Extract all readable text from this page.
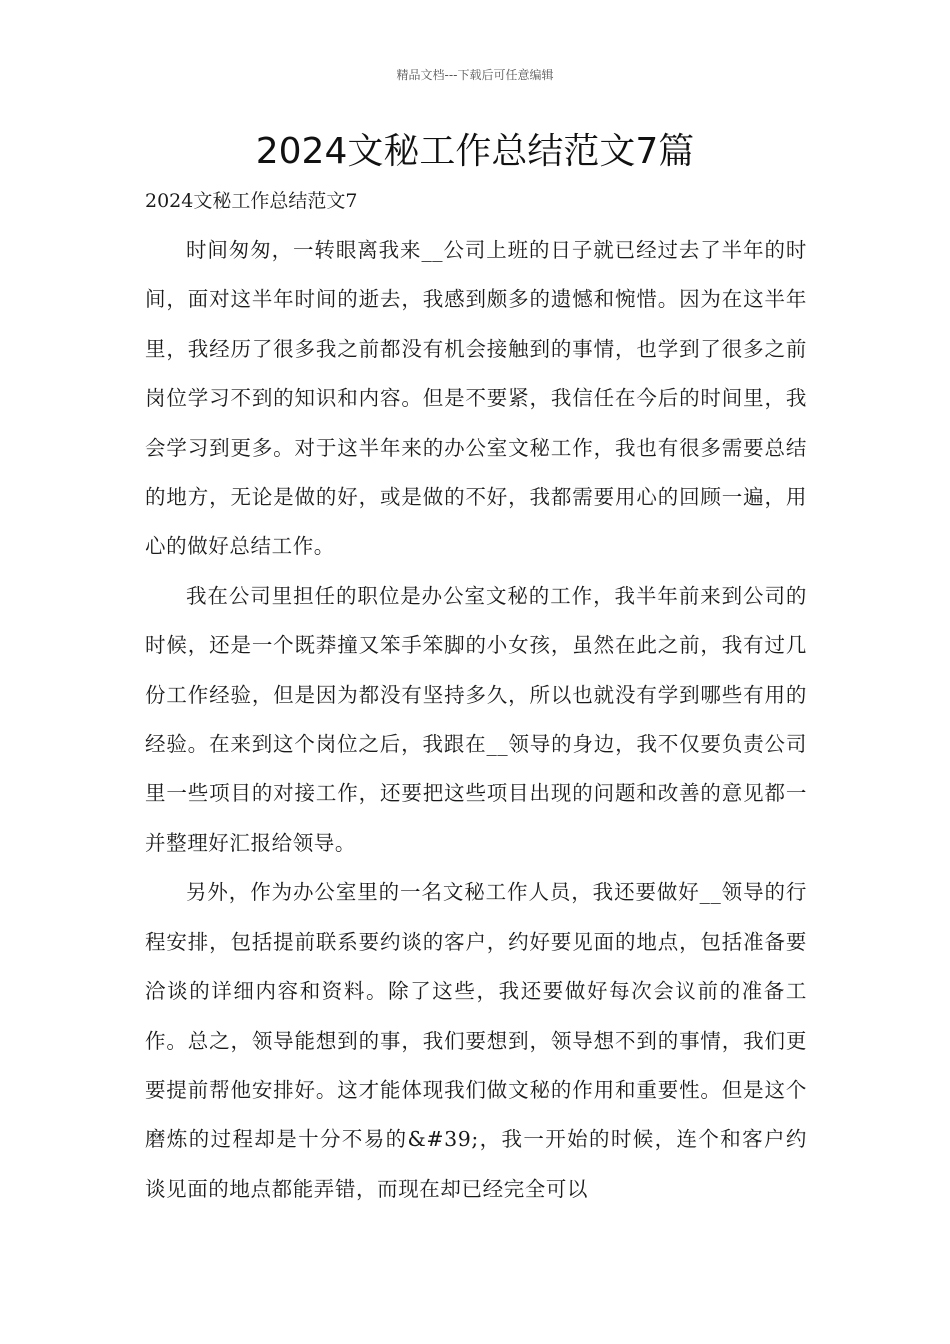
精品文档---下载后可任意编辑
2024文秘工作总结范文7篇
2024文秘工作总结范文7

时间匆匆，一转眼离我来__公司上班的日子就已经过去了半年的时间，面对这半年时间的逝去，我感到颇多的遗憾和惋惜。因为在这半年里，我经历了很多我之前都没有机会接触到的事情，也学到了很多之前岗位学习不到的知识和内容。但是不要紧，我信任在今后的时间里，我会学习到更多。对于这半年来的办公室文秘工作，我也有很多需要总结的地方，无论是做的好，或是做的不好，我都需要用心的回顾一遍，用心的做好总结工作。

我在公司里担任的职位是办公室文秘的工作，我半年前来到公司的时候，还是一个既莽撞又笨手笨脚的小女孩，虽然在此之前，我有过几份工作经验，但是因为都没有坚持多久，所以也就没有学到哪些有用的经验。在来到这个岗位之后，我跟在__领导的身边，我不仅要负责公司里一些项目的对接工作，还要把这些项目出现的问题和改善的意见都一并整理好汇报给领导。

另外，作为办公室里的一名文秘工作人员，我还要做好__领导的行程安排，包括提前联系要约谈的客户，约好要见面的地点，包括准备要洽谈的详细内容和资料。除了这些，我还要做好每次会议前的准备工作。总之，领导能想到的事，我们要想到，领导想不到的事情，我们更要提前帮他安排好。这才能体现我们做文秘的作用和重要性。但是这个磨炼的过程却是十分不易的&#39;，我一开始的时候，连个和客户约谈见面的地点都能弄错，而现在却已经完全可以
